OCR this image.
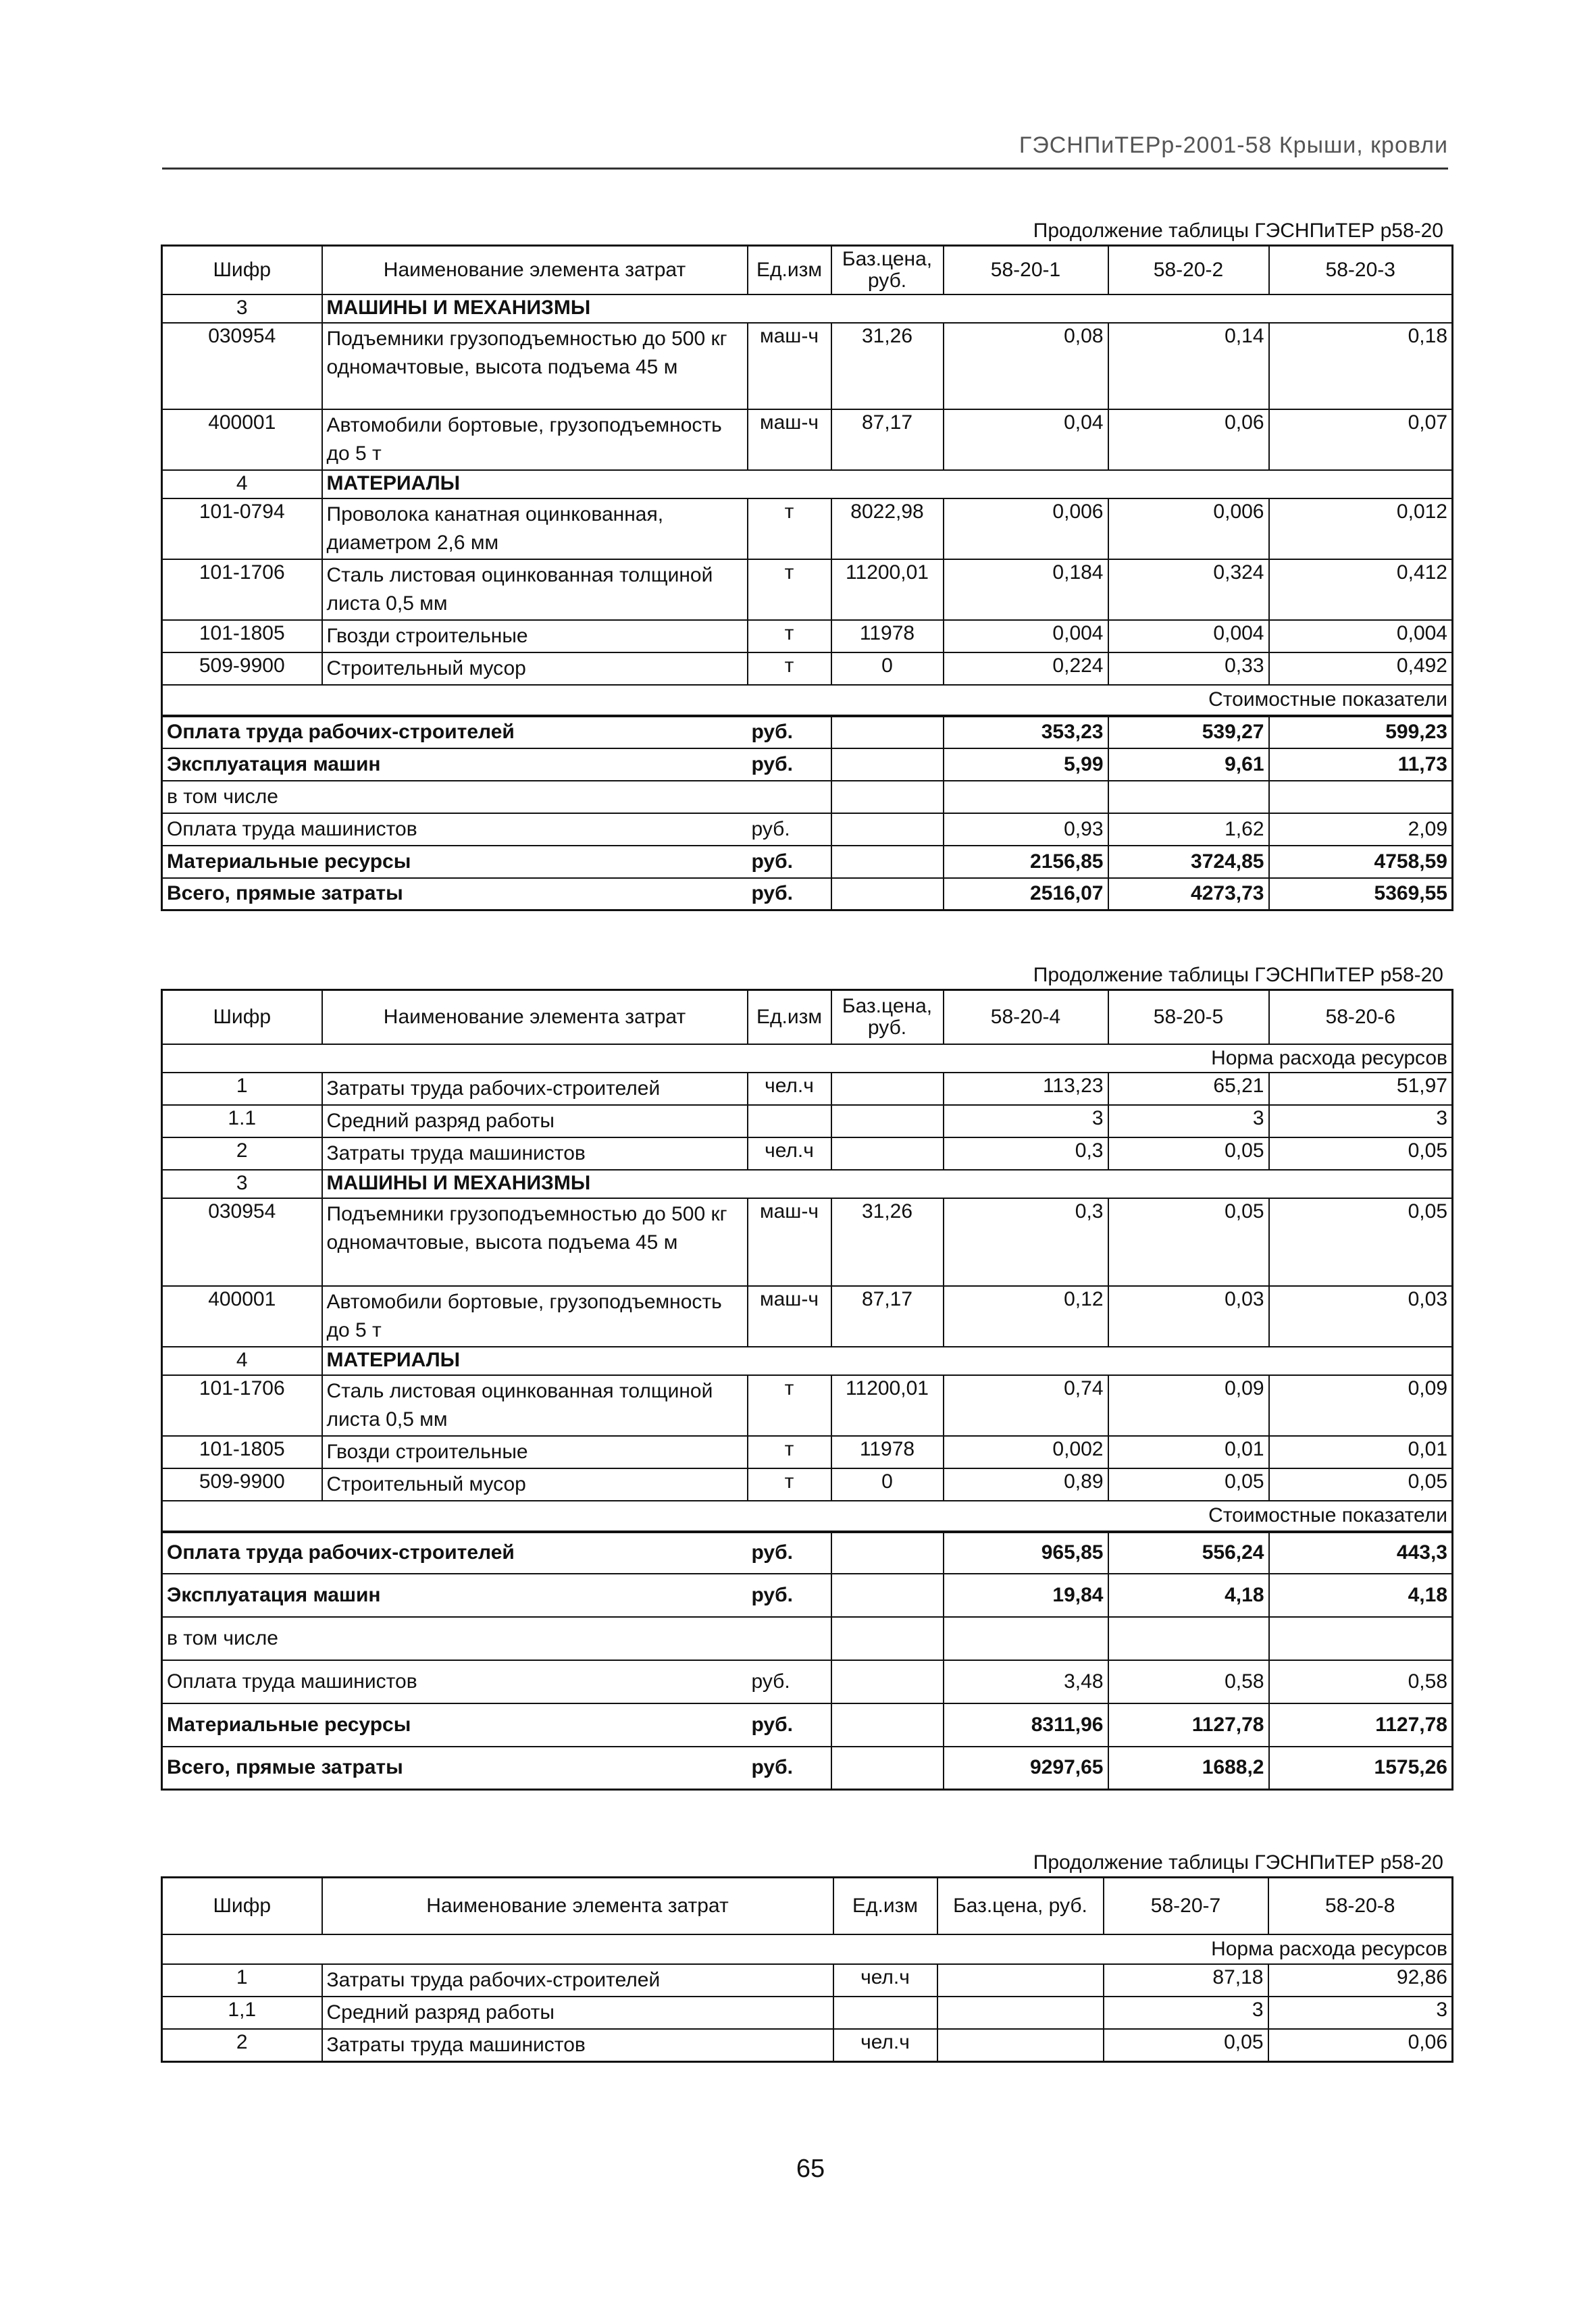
ГЭСНПиТЕРр-2001-58 Крыши, кровли
Продолжение таблицы ГЭСНПиТЕР р58-20
Шифр	Наименование элемента затрат	Ед.изм	Баз.цена, руб.	58-20-1	58-20-2	58-20-3
3	МАШИНЫ И МЕХАНИЗМЫ					
030954	Подъемники грузоподъемностью до 500 кг одномачтовые, высота подъема 45 м	маш-ч	31,26	0,08	0,14	0,18
400001	Автомобили бортовые, грузоподъемность до 5 т	маш-ч	87,17	0,04	0,06	0,07
4	МАТЕРИАЛЫ					
101-0794	Проволока канатная оцинкованная, диаметром 2,6 мм	т	8022,98	0,006	0,006	0,012
101-1706	Сталь листовая оцинкованная толщиной листа 0,5 мм	т	11200,01	0,184	0,324	0,412
101-1805	Гвозди строительные	т	11978	0,004	0,004	0,004
509-9900	Строительный мусор	т	0	0,224	0,33	0,492
Стоимостные показатели						
Оплата труда рабочих-строителей		руб.		353,23	539,27	599,23
Эксплуатация машин		руб.		5,99	9,61	11,73
в том числе						
Оплата труда машинистов		руб.		0,93	1,62	2,09
Материальные ресурсы		руб.		2156,85	3724,85	4758,59
Всего, прямые затраты		руб.		2516,07	4273,73	5369,55
Продолжение таблицы ГЭСНПиТЕР р58-20
Шифр	Наименование элемента затрат	Ед.изм	Баз.цена, руб.	58-20-4	58-20-5	58-20-6
Норма расхода ресурсов						
1	Затраты труда рабочих-строителей	чел.ч		113,23	65,21	51,97
1.1	Средний разряд работы			3	3	3
2	Затраты труда машинистов	чел.ч		0,3	0,05	0,05
3	МАШИНЫ И МЕХАНИЗМЫ					
030954	Подъемники грузоподъемностью до 500 кг одномачтовые, высота подъема 45 м	маш-ч	31,26	0,3	0,05	0,05
400001	Автомобили бортовые, грузоподъемность до 5 т	маш-ч	87,17	0,12	0,03	0,03
4	МАТЕРИАЛЫ					
101-1706	Сталь листовая оцинкованная толщиной листа 0,5 мм	т	11200,01	0,74	0,09	0,09
101-1805	Гвозди строительные	т	11978	0,002	0,01	0,01
509-9900	Строительный мусор	т	0	0,89	0,05	0,05
Стоимостные показатели						
Оплата труда рабочих-строителей		руб.		965,85	556,24	443,3
Эксплуатация машин		руб.		19,84	4,18	4,18
в том числе						
Оплата труда машинистов		руб.		3,48	0,58	0,58
Материальные ресурсы		руб.		8311,96	1127,78	1127,78
Всего, прямые затраты		руб.		9297,65	1688,2	1575,26
Продолжение таблицы ГЭСНПиТЕР р58-20
Шифр	Наименование элемента затрат	Ед.изм	Баз.цена, руб.	58-20-7	58-20-8
Норма расхода ресурсов					
1	Затраты труда рабочих-строителей	чел.ч		87,18	92,86
1,1	Средний разряд работы			3	3
2	Затраты труда машинистов	чел.ч		0,05	0,06
65
